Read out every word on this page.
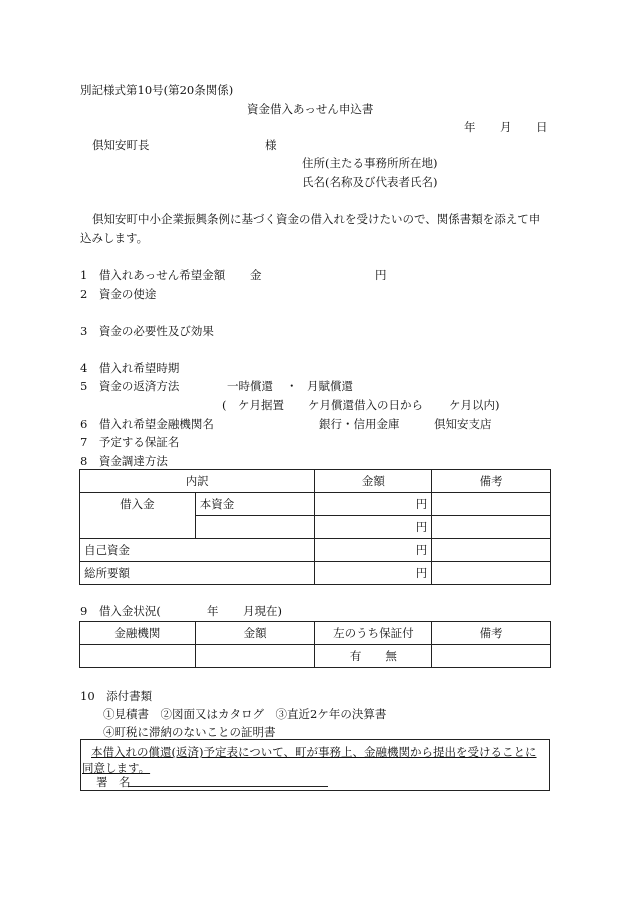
別記様式第10号(第20条関係)
資金借入あっせん申込書
年 月 日
倶知安町長	様
住所(主たる事務所所在地)
氏名(名称及び代表者氏名)
倶知安町中小企業振興条例に基づく資金の借入れを受けたいので、関係書類を添えて申
込みします。
1　借入れあっせん希望金額 金	円
2　資金の使途
3　資金の必要性及び効果
4　借入れ希望時期
5　資金の返済方法	一時償還 ・ 月賦償還
(　ケ月据置 ケ月償還借入の日から ケ月以内)
6　借入れ希望金融機関名	銀行・信用金庫	倶知安支店
7　予定する保証名
8　資金調達方法
内訳		金額	備考
借入金	本資金	円	
		円	
自己資金		円	
総所要額		円	
9　借入金状況(	年 月現在)
金融機関	金額	左のうち保証付	備考
		有 無	
10　添付書類
①見積書　②図面又はカタログ　③直近2ケ年の決算書
④町税に滞納のないことの証明書
本借入れの償還(返済)予定表について、町が事務上、金融機関から提出を受けることに
同意します。
署　名
